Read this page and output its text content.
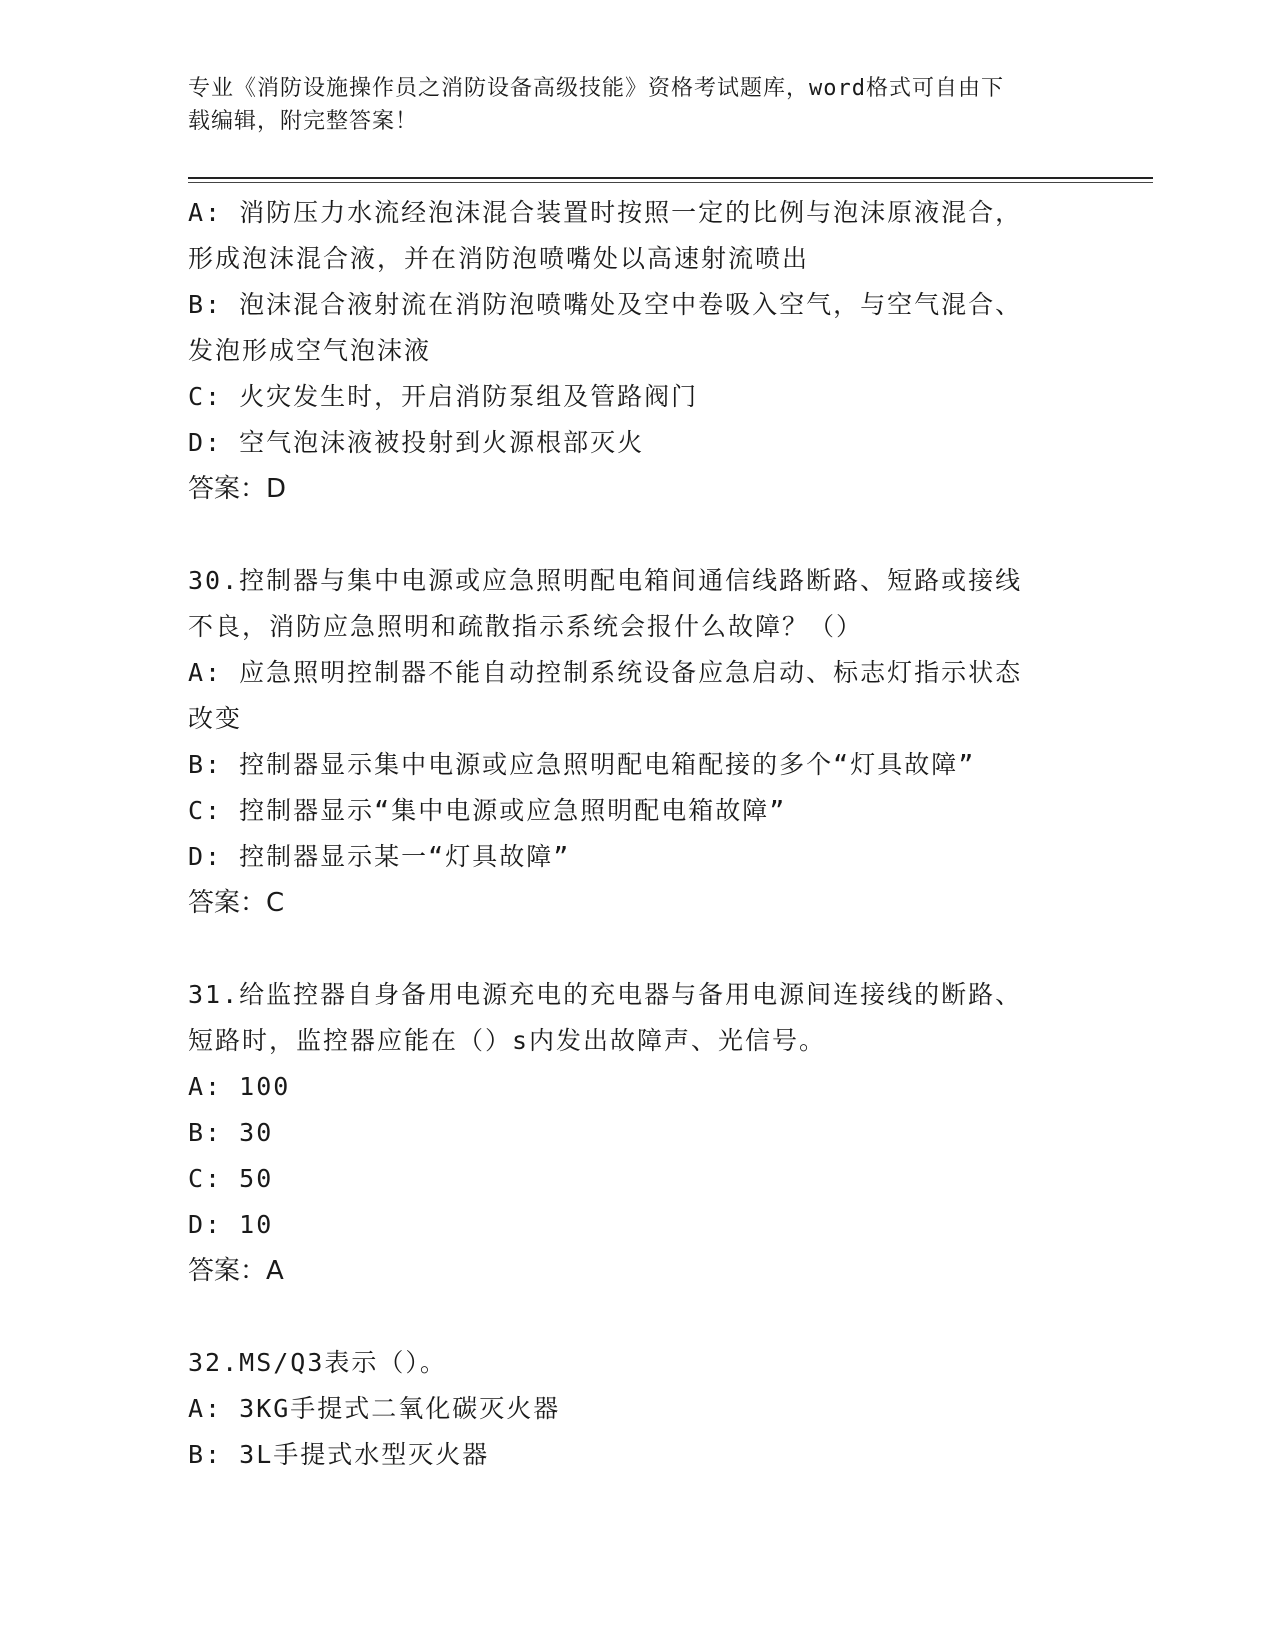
专业《消防设施操作员之消防设备高级技能》资格考试题库，word格式可自由下
载编辑，附完整答案！
A: 消防压力水流经泡沫混合装置时按照一定的比例与泡沫原液混合，
形成泡沫混合液，并在消防泡喷嘴处以高速射流喷出
B: 泡沫混合液射流在消防泡喷嘴处及空中卷吸入空气，与空气混合、
发泡形成空气泡沫液
C: 火灾发生时，开启消防泵组及管路阀门
D: 空气泡沫液被投射到火源根部灭火
答案：D
30.控制器与集中电源或应急照明配电箱间通信线路断路、短路或接线
不良，消防应急照明和疏散指示系统会报什么故障？（）
A: 应急照明控制器不能自动控制系统设备应急启动、标志灯指示状态
改变
B: 控制器显示集中电源或应急照明配电箱配接的多个“灯具故障”
C: 控制器显示“集中电源或应急照明配电箱故障”
D: 控制器显示某一“灯具故障”
答案：C
31.给监控器自身备用电源充电的充电器与备用电源间连接线的断路、
短路时，监控器应能在（）s内发出故障声、光信号。
A: 100
B: 30
C: 50
D: 10
答案：A
32.MS/Q3表示（）。
A: 3KG手提式二氧化碳灭火器
B: 3L手提式水型灭火器
